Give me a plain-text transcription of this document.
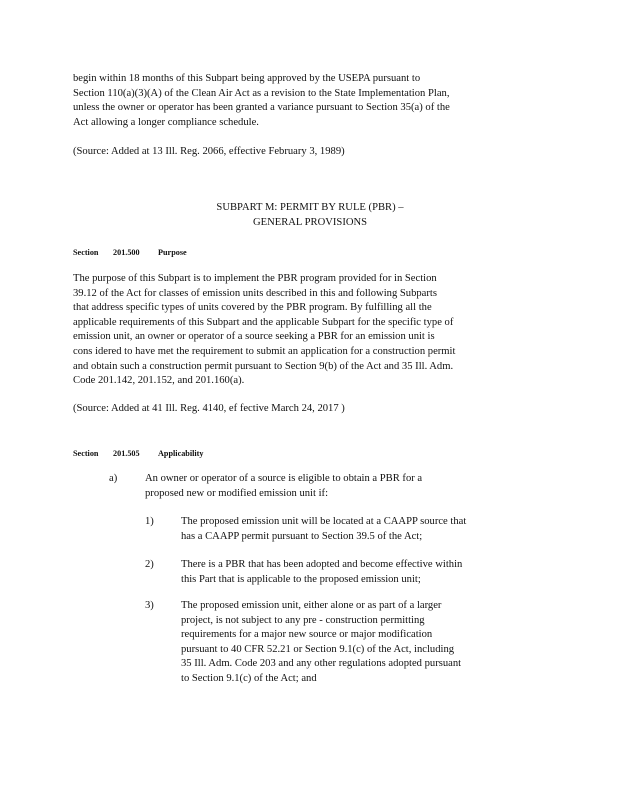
begin within 18 months of this Subpart being approved by the USEPA pursuant to
Section 110(a)(3)(A) of the Clean Air Act as a revision to the State Implementation Plan,
unless the owner or operator has been granted a variance pursuant to Section 35(a) of the
Act allowing a longer compliance schedule.
(Source: Added at 13 Ill. Reg. 2066, effective February 3, 1989)
SUBPART M: PERMIT BY RULE (PBR) –
GENERAL PROVISIONS
Section 201.500 Purpose
The purpose of this Subpart is to implement the PBR program provided for in Section
39.12 of the Act for classes of emission units described in this and following Subparts
that address specific types of units covered by the PBR program. By fulfilling all the
applicable requirements of this Subpart and the applicable Subpart for the specific type of
emission unit, an owner or operator of a source seeking a PBR for an emission unit is
cons idered to have met the requirement to submit an application for a construction permit
and obtain such a construction permit pursuant to Section 9(b) of the Act and 35 Ill. Adm.
Code 201.142, 201.152, and 201.160(a).
(Source: Added at 41 Ill. Reg. 4140, ef fective March 24, 2017 )
Section 201.505 Applicability
a)	An owner or operator of a source is eligible to obtain a PBR for a
proposed new or modified emission unit if:
1)	The proposed emission unit will be located at a CAAPP source that
has a CAAPP permit pursuant to Section 39.5 of the Act;
2)	There is a PBR that has been adopted and become effective within
this Part that is applicable to the proposed emission unit;
3)	The proposed emission unit, either alone or as part of a larger
project, is not subject to any pre - construction permitting
requirements for a major new source or major modification
pursuant to 40 CFR 52.21 or Section 9.1(c) of the Act, including
35 Ill. Adm. Code 203 and any other regulations adopted pursuant
to Section 9.1(c) of the Act; and
